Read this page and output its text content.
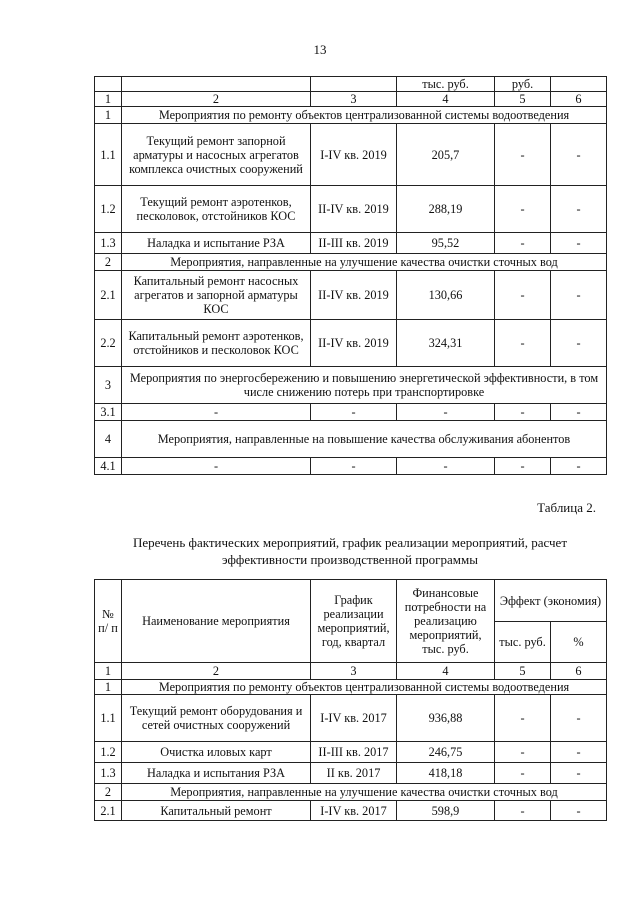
13
			тыс. руб.	руб.	
1	2	3	4	5	6
1	Мероприятия по ремонту объектов централизованной системы водоотведения				
1.1	Текущий ремонт запорной арматуры и насосных агрегатов комплекса очистных сооружений	I-IV кв. 2019	205,7	-	-
1.2	Текущий ремонт аэротенков, песколовок, отстойников КОС	II-IV кв. 2019	288,19	-	-
1.3	Наладка и испытание РЗА	II-III кв. 2019	95,52	-	-
2	Мероприятия, направленные на улучшение качества очистки сточных вод				
2.1	Капитальный ремонт насосных агрегатов и запорной арматуры КОС	II-IV кв. 2019	130,66	-	-
2.2	Капитальный ремонт аэротенков, отстойников и песколовок КОС	II-IV кв. 2019	324,31	-	-
3	Мероприятия по энергосбережению и повышению энергетической эффективности, в том числе снижению потерь при транспортировке				
3.1	-	-	-	-	-
4	Мероприятия, направленные на повышение качества обслуживания абонентов				
4.1	-	-	-	-	-
Таблица 2.
Перечень фактических мероприятий, график реализации мероприятий, расчет эффективности производственной программы
№ п/ п	Наименование мероприятия	График реализации мероприятий, год, квартал	Финансовые потребности на реализацию мероприятий, тыс. руб.	Эффект (экономия)	
				тыс. руб.	%
1	2	3	4	5	6
1	Мероприятия по ремонту объектов централизованной системы водоотведения				
1.1	Текущий ремонт оборудования и сетей очистных сооружений	I-IV кв. 2017	936,88	-	-
1.2	Очистка иловых карт	II-III кв. 2017	246,75	-	-
1.3	Наладка и испытания РЗА	II кв. 2017	418,18	-	-
2	Мероприятия, направленные на улучшение качества очистки сточных вод				
2.1	Капитальный ремонт	I-IV кв. 2017	598,9	-	-
